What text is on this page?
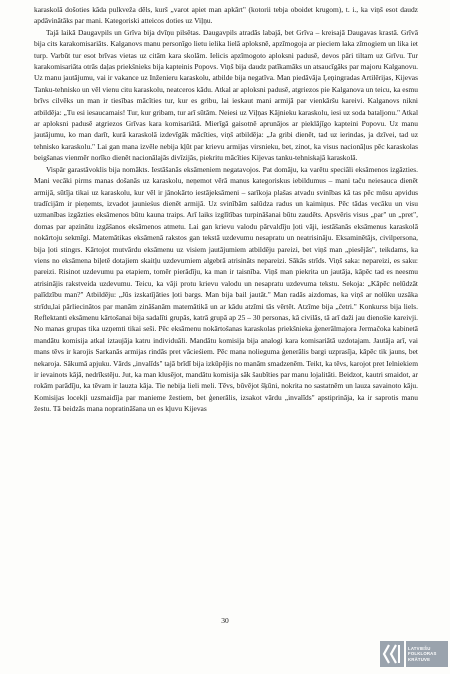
karaskolā došoties kāda pulkveža dēls, kurš „varot apiet man apkārt" (kotorii tebja oboidet krugom), t. i., ka viņš esot daudz apdāvinātāks par mani. Kategoriski atteicos doties uz Viļņu.

Tajā laikā Daugavpils un Grīva bija dvīņu pilsētas. Daugavpils atradās labajā, bet Grīva – kreisajā Daugavas krastā. Grīvā bija cits karakomisariāts. Kalganovs manu personīgo lietu ielika lielā aploksnē, apzīmogoja ar pieciem laka zīmogiem un lika iet turp. Varbūt tur esot brīvas vietas uz citām kara skolām. Ielicis apzīmogoto aploksni padusē, devos pāri tiltam uz Grīvu. Tur karakomisariāta otrās daļas priekšnieks bija kapteinis Popovs. Viņš bija daudz patīkamāks un atsaucīgāks par majoru Kalganovu. Uz manu jautājumu, vai ir vakance uz Inženieru karaskolu, atbilde bija negatīva. Man piedāvāja Ļeņingradas Artilērijas, Kijevas Tanku-tehnisko un vēl vienu citu karaskolu, neatceros kādu. Atkal ar aploksni padusē, atgriezos pie Kalganova un teicu, ka esmu brīvs cilvēks un man ir tiesības mācīties tur, kur es gribu, lai ieskaut mani armijā par vienkāršu kareivi. Kalganovs nikni atbildēja: „Tu esi iesaucamais! Tur, kur gribam, tur arī sūtām. Neiesi uz Viļņas Kājnieku karaskolu, iesi uz soda bataljonu." Atkal ar aploksni padusē atgriezos Grīvas kara komisariātā. Mierīgā gaisotnē aprunājos ar pieklājīgo kapteini Popovu. Uz manu jautājumu, ko man darīt, kurā karaskolā izdevīgāk mācīties, viņš atbildēja: „Ja gribi dienēt, tad uz ierindas, ja dzīvei, tad uz tehnisko karaskolu." Lai gan mana izvēle nebija kļūt par krievu armijas virsnieku, bet, zinot, ka visus nacionāļus pēc karaskolas beigšanas vienmēr norīko dienēt nacionālajās divīzijās, piekritu mācīties Kijevas tanku-tehniskajā karaskolā.

Vispār garastāvoklis bija nomākts. Iestāšanās eksāmeniem negatavojos. Pat domāju, ka varētu speciāli eksāmenos izgāzties. Mani vecāki pirms manas došanās uz karaskolu, neņemot vērā manus kategoriskus iebildumus – mani taču neiesauca dienēt armijā, sūtīja tikai uz karaskolu, kur vēl ir jānokārto iestājeksāmeni – sarīkoja plašas atvadu svinības kā tas pēc mūsu apvidus tradīcijām ir pieņemts, izvadot jaunieśus dienēt armijā. Uz svinībām salūdza radus un kaimiņus. Pēc tādas vecāku un visu uzmanības izgāzties eksāmenos būtu kauna traips. Arī laiks izglītības turpināšanai būtu zaudēts. Apsvēris visus „par" un „pret", domas par apzinātu izgāšanos eksāmenos atmetu. Lai gan krievu valodu pārvaldīju ļoti vāji, iestāšanās eksāmenus karaskolā nokārtoju sekmīgi. Matemātikas eksāmenā rakstos gan tekstā uzdevumu nesapratu un neatrisināju. Eksaminētājs, civilpersona, bija ļoti stingrs. Kārtojot mutvārdu eksāmenu uz visiem jautājumiem atbildēju pareizi, bet viņš man „piesējās", teikdams, ka viens no eksāmena biļetē dotajiem skaitļu uzdevumiem algebrā atrisināts nepareizi. Sākās strīds. Viņš saka: nepareizi, es saku: pareizi. Risinot uzdevumu pa etapiem, tomēr pierādīju, ka man ir taisnība. Viņš man piekrita un jautāja, kāpēc tad es neesmu atrisinājis rakstveida uzdevumu. Teicu, ka vāji protu krievu valodu un nesapratu uzdevuma tekstu. Sekoja: „Kāpēc nelūdzāt palīdzību man?" Atbildēju: „Jūs izskatījāties ļoti bargs. Man bija bail jautāt." Man radās aizdomas, ka viņš ar nolūku uzsāka strīdu,lai pārliecinātos par manām zināšanām matemātikā un ar kādu atzīmi tās vērtēt. Atzīme bija „četri." Konkurss bija liels. Reflektanti eksāmenu kārtošanai bija sadalīti grupās, katrā grupā ap 25 – 30 personas, kā civilās, tā arī daži jau dienošie kareivji. No manas grupas tika uzņemti tikai seši. Pēc eksāmenu nokārtošanas karaskolas priekšnieka ģenerālmajora Jermačoka kabinetā mandātu komisija atkal iztaujāja katru individuāli. Mandātu komisija bija analogi kara komisariātā uzdotajam. Jautāja arī, vai mans tēvs ir karojis Sarkanās armijas rindās pret vācieśiem. Pēc mana noliegumа ģenerālis bargi uzprasīja, kāpēc tik jauns, bet nekaroja. Sākumā apjuku. Vārds „invalīds" tajā brīdī bija izkūpējis no manām smadzenēm. Teikt, ka tēvs, karojot pret Ielniekiem ir ievainots kājā, nedrīkstēju. Jut, ka man klusējot, mandātu komisija sāk šaubīties par manu lojalitāti. Beidzot, kautri smaidot, ar rokām parādīju, ka tēvam ir lauzta kāja. Tie nebija lieli meli. Tēvs, būvējot šķūni, nokrita no sastatnēm un lauza savainoto kāju. Komisijas locekļi uzsmaidīja par manieme žestiem, bet ģenerālis, izsakot vārdu „invalīds" apstiprināja, ka ir saprotis manu žestu. Tā beidzās mana nopratināšana un es kļuvu Kijevas

30
LATVIEŠU
FOLKLORAS
KRĀTUVE
